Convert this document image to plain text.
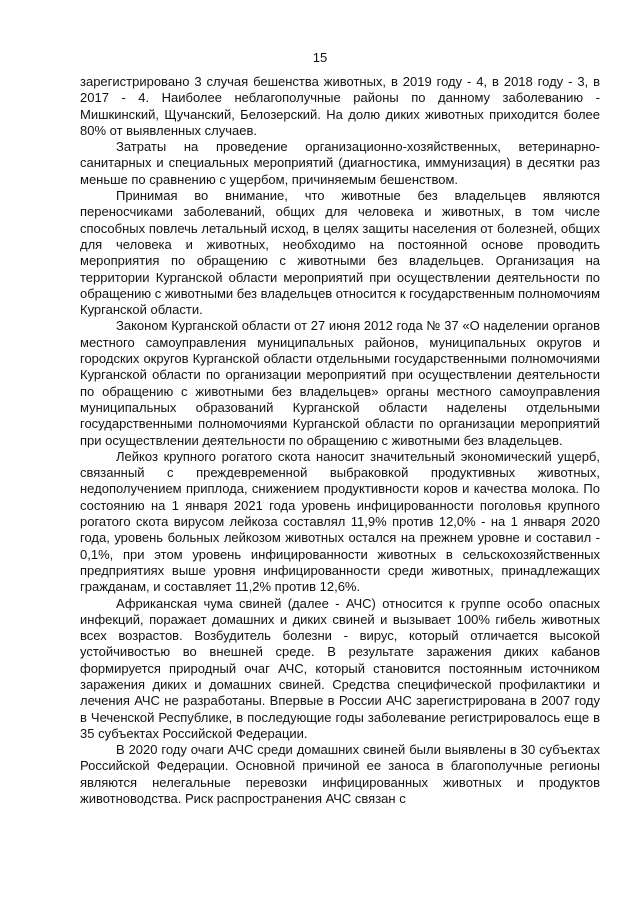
15

зарегистрировано 3 случая бешенства животных, в 2019 году - 4, в 2018 году - 3, в 2017 - 4. Наиболее неблагополучные районы по данному заболеванию - Мишкинский, Щучанский, Белозерский. На долю диких животных приходится более 80% от выявленных случаев.

Затраты на проведение организационно-хозяйственных, ветеринарно-санитарных и специальных мероприятий (диагностика, иммунизация) в десятки раз меньше по сравнению с ущербом, причиняемым бешенством.

Принимая во внимание, что животные без владельцев являются переносчиками заболеваний, общих для человека и животных, в том числе способных повлечь летальный исход, в целях защиты населения от болезней, общих для человека и животных, необходимо на постоянной основе проводить мероприятия по обращению с животными без владельцев. Организация на территории Курганской области мероприятий при осуществлении деятельности по обращению с животными без владельцев относится к государственным полномочиям Курганской области.

Законом Курганской области от 27 июня 2012 года № 37 «О наделении органов местного самоуправления муниципальных районов, муниципальных округов и городских округов Курганской области отдельными государственными полномочиями Курганской области по организации мероприятий при осуществлении деятельности по обращению с животными без владельцев» органы местного самоуправления муниципальных образований Курганской области наделены отдельными государственными полномочиями Курганской области по организации мероприятий при осуществлении деятельности по обращению с животными без владельцев.

Лейкоз крупного рогатого скота наносит значительный экономический ущерб, связанный с преждевременной выбраковкой продуктивных животных, недополучением приплода, снижением продуктивности коров и качества молока. По состоянию на 1 января 2021 года уровень инфицированности поголовья крупного рогатого скота вирусом лейкоза составлял 11,9% против 12,0% - на 1 января 2020 года, уровень больных лейкозом животных остался на прежнем уровне и составил - 0,1%, при этом уровень инфицированности животных в сельскохозяйственных предприятиях выше уровня инфицированности среди животных, принадлежащих гражданам, и составляет 11,2% против 12,6%.

Африканская чума свиней (далее - АЧС) относится к группе особо опасных инфекций, поражает домашних и диких свиней и вызывает 100% гибель животных всех возрастов. Возбудитель болезни - вирус, который отличается высокой устойчивостью во внешней среде. В результате заражения диких кабанов формируется природный очаг АЧС, который становится постоянным источником заражения диких и домашних свиней. Средства специфической профилактики и лечения АЧС не разработаны. Впервые в России АЧС зарегистрирована в 2007 году в Чеченской Республике, в последующие годы заболевание регистрировалось еще в 35 субъектах Российской Федерации.

В 2020 году очаги АЧС среди домашних свиней были выявлены в 30 субъектах Российской Федерации. Основной причиной ее заноса в благополучные регионы являются нелегальные перевозки инфицированных животных и продуктов животноводства. Риск распространения АЧС связан с
